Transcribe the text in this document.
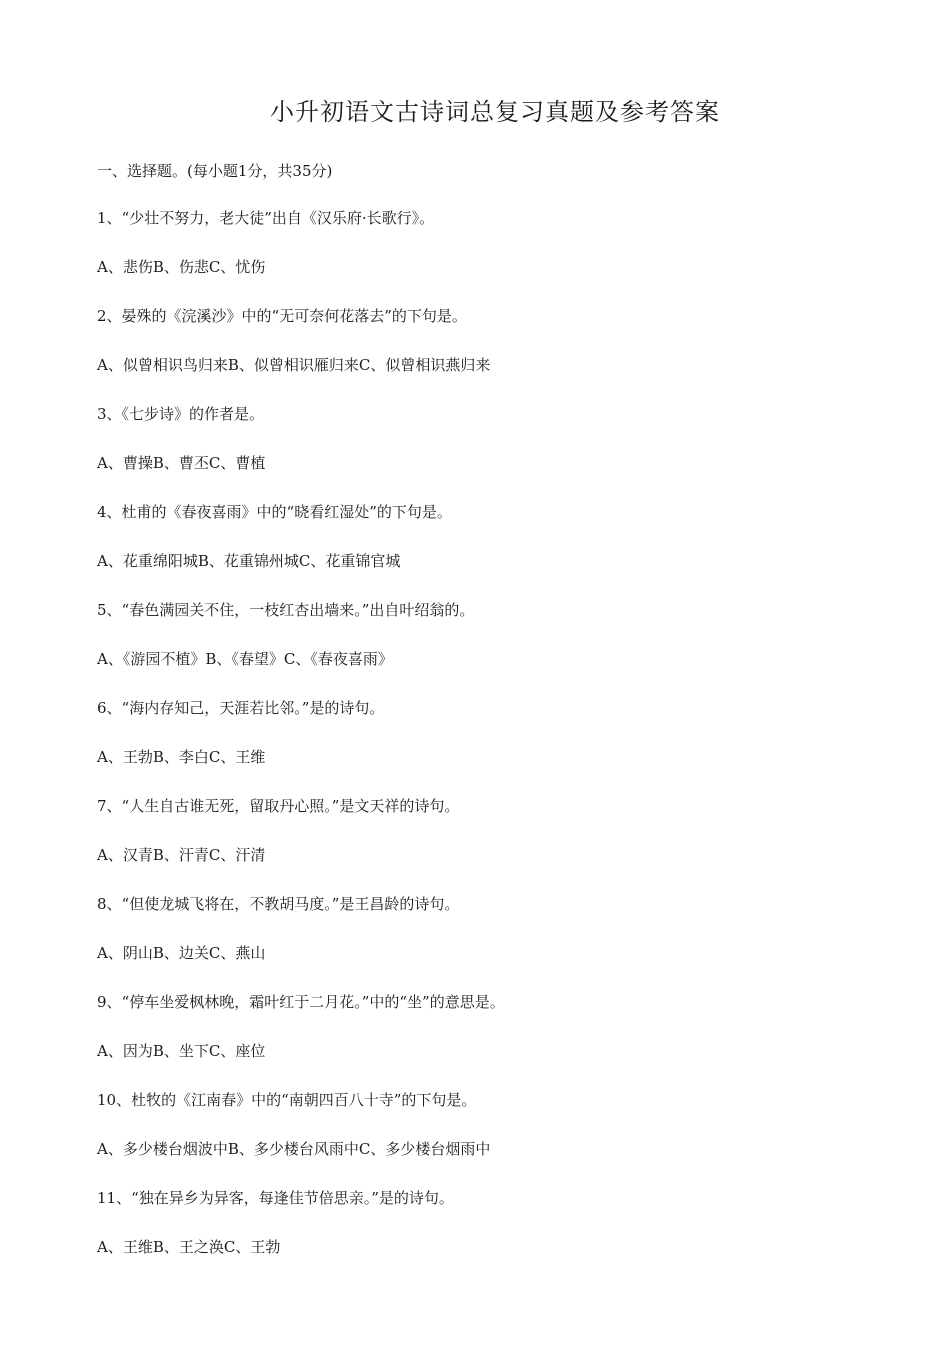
小升初语文古诗词总复习真题及参考答案
一、选择题。(每小题1分，共35分)
1、“少壮不努力，老大徒”出自《汉乐府·长歌行》。
A、悲伤B、伤悲C、忧伤
2、晏殊的《浣溪沙》中的“无可奈何花落去”的下句是。
A、似曾相识鸟归来B、似曾相识雁归来C、似曾相识燕归来
3、《七步诗》的作者是。
A、曹操B、曹丕C、曹植
4、杜甫的《春夜喜雨》中的“晓看红湿处”的下句是。
A、花重绵阳城B、花重锦州城C、花重锦官城
5、“春色满园关不住，一枝红杏出墙来。”出自叶绍翁的。
A、《游园不植》B、《春望》C、《春夜喜雨》
6、“海内存知己，天涯若比邻。”是的诗句。
A、王勃B、李白C、王维
7、“人生自古谁无死，留取丹心照。”是文天祥的诗句。
A、汉青B、汗青C、汗清
8、“但使龙城飞将在，不教胡马度。”是王昌龄的诗句。
A、阴山B、边关C、燕山
9、“停车坐爱枫林晚，霜叶红于二月花。”中的“坐”的意思是。
A、因为B、坐下C、座位
10、杜牧的《江南春》中的“南朝四百八十寺”的下句是。
A、多少楼台烟波中B、多少楼台风雨中C、多少楼台烟雨中
11、“独在异乡为异客，每逢佳节倍思亲。”是的诗句。
A、王维B、王之涣C、王勃
